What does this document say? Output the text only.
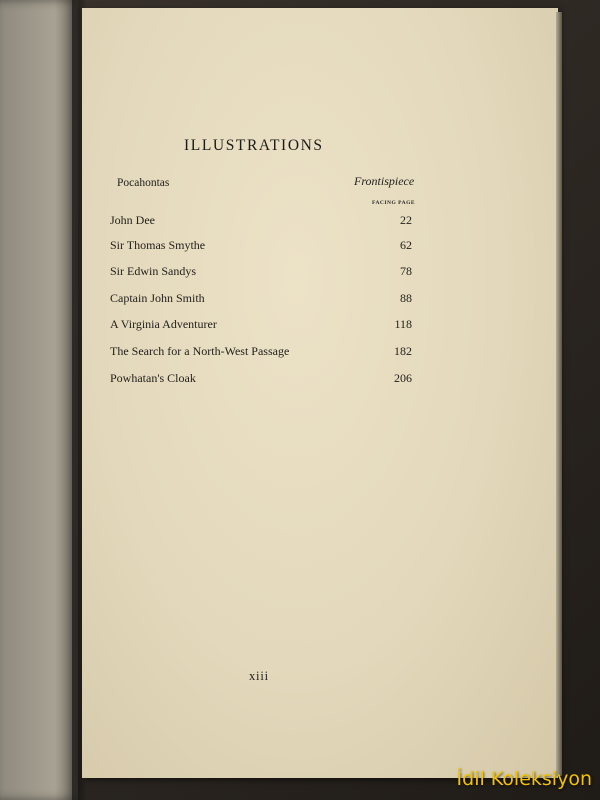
ILLUSTRATIONS
Pocahontas	Frontispiece
FACING PAGE
John Dee	22
Sir Thomas Smythe	62
Sir Edwin Sandys	78
Captain John Smith	88
A Virginia Adventurer	118
The Search for a North-West Passage	182
Powhatan's Cloak	206
xiii
İdil Koleksiyon
